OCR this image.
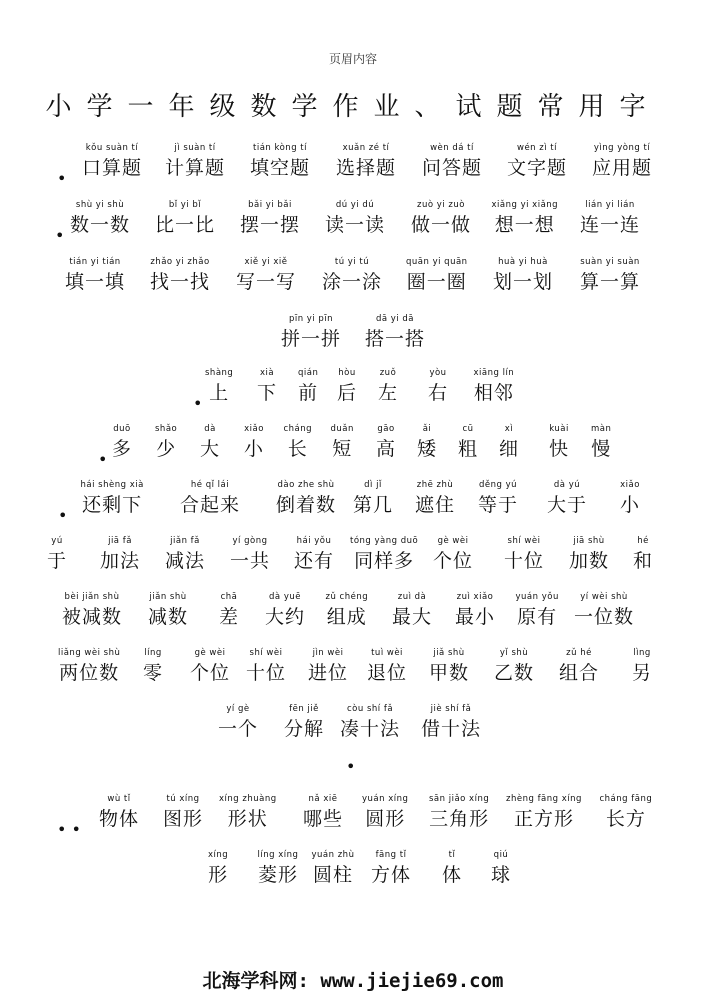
页眉内容
小学一年级数学作业、试题常用字
•
kǒu suàn tí
口算题
jì suàn tí
计算题
tián kòng tí
填空题
xuǎn zé tí
选择题
wèn dá tí
问答题
wén zì tí
文字题
yìng yòng tí
应用题
•
shù yi shù
数一数
bǐ yi bǐ
比一比
bǎi yi bǎi
摆一摆
dú yi dú
读一读
zuò yi zuò
做一做
xiǎng yi xiǎng
想一想
lián yi lián
连一连
tián yi tián
填一填
zhǎo yi zhǎo
找一找
xiě yi xiě
写一写
tú yi tú
涂一涂
quān yi quān
圈一圈
huà yi huà
划一划
suàn yi suàn
算一算
pīn yi pīn
拼一拼
dā yi dā
搭一搭
•
shàng
上
xià
下
qián
前
hòu
后
zuǒ
左
yòu
右
xiāng lín
相邻
•
duō
多
shǎo
少
dà
大
xiǎo
小
cháng
长
duǎn
短
gāo
高
ǎi
矮
cū
粗
xì
细
kuài
快
màn
慢
•
hái shèng xià
还剩下
hé qǐ lái
合起来
dào zhe shù
倒着数
dì jǐ
第几
zhē zhù
遮住
děng yú
等于
dà yú
大于
xiǎo
小
yú
于
jiā fǎ
加法
jiǎn fǎ
减法
yí gòng
一共
hái yǒu
还有
tóng yàng duō
同样多
gè wèi
个位
shí wèi
十位
jiā shù
加数
hé
和
bèi jiǎn shù
被减数
jiǎn shù
减数
chā
差
dà yuē
大约
zǔ chéng
组成
zuì dà
最大
zuì xiǎo
最小
yuán yǒu
原有
yí wèi shù
一位数
liǎng wèi shù
两位数
líng
零
gè wèi
个位
shí wèi
十位
jìn wèi
进位
tuì wèi
退位
jiǎ shù
甲数
yǐ shù
乙数
zǔ hé
组合
lìng
另
yí gè
一个
fēn jiě
分解
còu shí fǎ
凑十法
jiè shí fǎ
借十法
• •
wù tǐ
物体
tú xíng
图形
xíng zhuàng
形状
nǎ xiē
哪些
yuán xíng
圆形
sān jiǎo xíng
三角形
zhèng fāng xíng
正方形
cháng fāng
长方
xíng
形
líng xíng
菱形
yuán zhù
圆柱
fāng tǐ
方体
tǐ
体
qiú
球
•
北海学科网: www.jiejie69.com
